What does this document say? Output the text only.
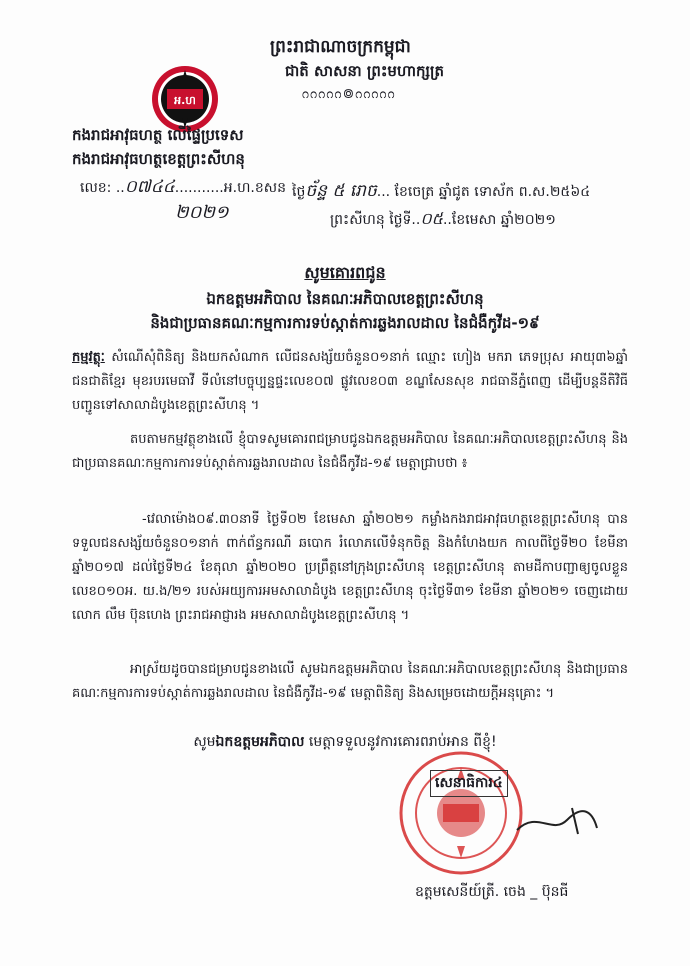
ព្រះរាជាណាចក្រកម្ពុជា
ជាតិ សាសនា ព្រះមហាក្សត្រ
ᦅᦅᦅᦅᦅ៙ᦅᦅᦅᦅᦅ
អ.ហ
កងរាជអាវុធហត្ថ លើផ្ទៃប្រទេស
កងរាជអាវុធហត្ថខេត្តព្រះសីហនុ
លេខ: ..០៧៤៤...........អ.ហ.ខសន
២០២១
ថ្ងៃច័ន្ទ ៥ រោច... ខែចេត្រ ឆ្នាំជូត ទោស័ក ព.ស.២៥៦៤
ព្រះសីហនុ ថ្ងៃទី..០៥..ខែមេសា ឆ្នាំ២០២១
សូមគោរពជូន
ឯកឧត្តមអភិបាល នៃគណៈអភិបាលខេត្តព្រះសីហនុ
និងជាប្រធានគណៈកម្មការការទប់ស្កាត់ការឆ្លងរាលដាល នៃជំងឺកូវីដ-១៩
កម្មវត្ថុៈ សំណើសុំពិនិត្យ និងយកសំណាក លើជនសង្ស័យចំនួន០១នាក់ ឈ្មោះ ហៀង មករា ភេទប្រុស អាយុ៣៦ឆ្នាំ ជនជាតិខ្មែរ មុខរបរមេធាវី ទីលំនៅបច្ចុប្បន្នផ្ទះលេខ០៧ ផ្លូវលេខ០៣ ខណ្ឌសែនសុខ រាជធានីភ្នំពេញ ដើម្បីបន្តនីតិវិធី បញ្ជូនទៅសាលាដំបូងខេត្តព្រះសីហនុ ។
តបតាមកម្មវត្ថុខាងលើ ខ្ញុំបាទសូមគោរពជម្រាបជូនឯកឧត្តមអភិបាល នៃគណៈអភិបាលខេត្តព្រះសីហនុ និងជាប្រធានគណៈកម្មការការទប់ស្កាត់ការឆ្លងរាលដាល នៃជំងឺកូវីដ-១៩ មេត្តាជ្រាបថា ៖
-វេលាម៉ោង០៩.៣០នាទី ថ្ងៃទី០២ ខែមេសា ឆ្នាំ២០២១ កម្លាំងកងរាជអាវុធហត្ថខេត្តព្រះសីហនុ បានទទួលជនសង្ស័យចំនួន០១នាក់ ពាក់ព័ន្ធករណី ឆបោក រំលោភលើទំនុកចិត្ត និងកំហែងយក កាលពីថ្ងៃទី២០ ខែមីនា ឆ្នាំ២០១៧ ដល់ថ្ងៃទី២៤ ខែតុលា ឆ្នាំ២០២០ ប្រព្រឹត្តនៅក្រុងព្រះសីហនុ ខេត្តព្រះសីហនុ តាមដីកាបញ្ជាឲ្យចូលខ្លួន លេខ០១០អ. យ.ង/២១ របស់អយ្យការអមសាលាដំបូង ខេត្តព្រះសីហនុ ចុះថ្ងៃទី៣១ ខែមីនា ឆ្នាំ២០២១ ចេញដោយលោក លឹម ប៊ុនហេង ព្រះរាជអាជ្ញារង អមសាលាដំបូងខេត្តព្រះសីហនុ ។
អាស្រ័យដូចបានជម្រាបជូនខាងលើ សូមឯកឧត្តមអភិបាល នៃគណៈអភិបាលខេត្តព្រះសីហនុ និងជាប្រធានគណៈកម្មការការទប់ស្កាត់ការឆ្លងរាលដាល នៃជំងឺកូវីដ-១៩ មេត្តាពិនិត្យ និងសម្រេចដោយក្តីអនុគ្រោះ ។
សូមឯកឧត្តមអភិបាល មេត្តាទទួលនូវការគោរពរាប់អាន ពីខ្ញុំ!
សេនាធិការ៤
ឧត្តមសេនីយ៍ត្រី. ចេង _ ប៊ុនធី
